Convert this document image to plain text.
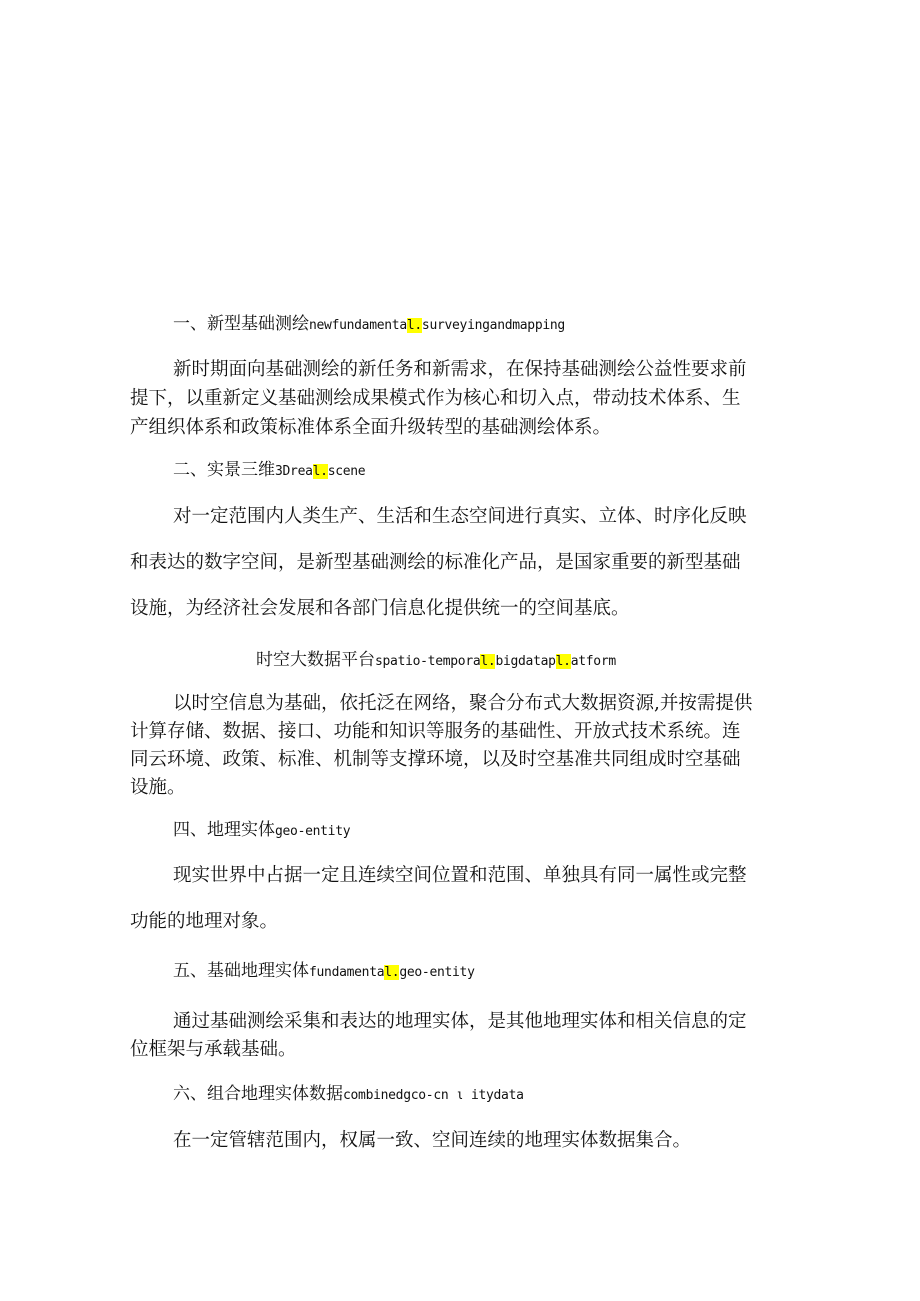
一、新型基础测绘newfundamental.surveyingandmapping
新时期面向基础测绘的新任务和新需求，在保持基础测绘公益性要求前
提下，以重新定义基础测绘成果模式作为核心和切入点，带动技术体系、生
产组织体系和政策标准体系全面升级转型的基础测绘体系。
二、实景三维3Dreal.scene
对一定范围内人类生产、生活和生态空间进行真实、立体、时序化反映
和表达的数字空间，是新型基础测绘的标准化产品，是国家重要的新型基础
设施，为经济社会发展和各部门信息化提供统一的空间基底。
时空大数据平台spatio-temporal.bigdatapl.atform
以时空信息为基础，依托泛在网络，聚合分布式大数据资源,并按需提供
计算存储、数据、接口、功能和知识等服务的基础性、开放式技术系统。连
同云环境、政策、标准、机制等支撑环境，以及时空基准共同组成时空基础
设施。
四、地理实体geo-entity
现实世界中占据一定且连续空间位置和范围、单独具有同一属性或完整
功能的地理对象。
五、基础地理实体fundamental.geo-entity
通过基础测绘采集和表达的地理实体，是其他地理实体和相关信息的定
位框架与承载基础。
六、组合地理实体数据combinedgco-cn ι itydata
在一定管辖范围内，权属一致、空间连续的地理实体数据集合。
